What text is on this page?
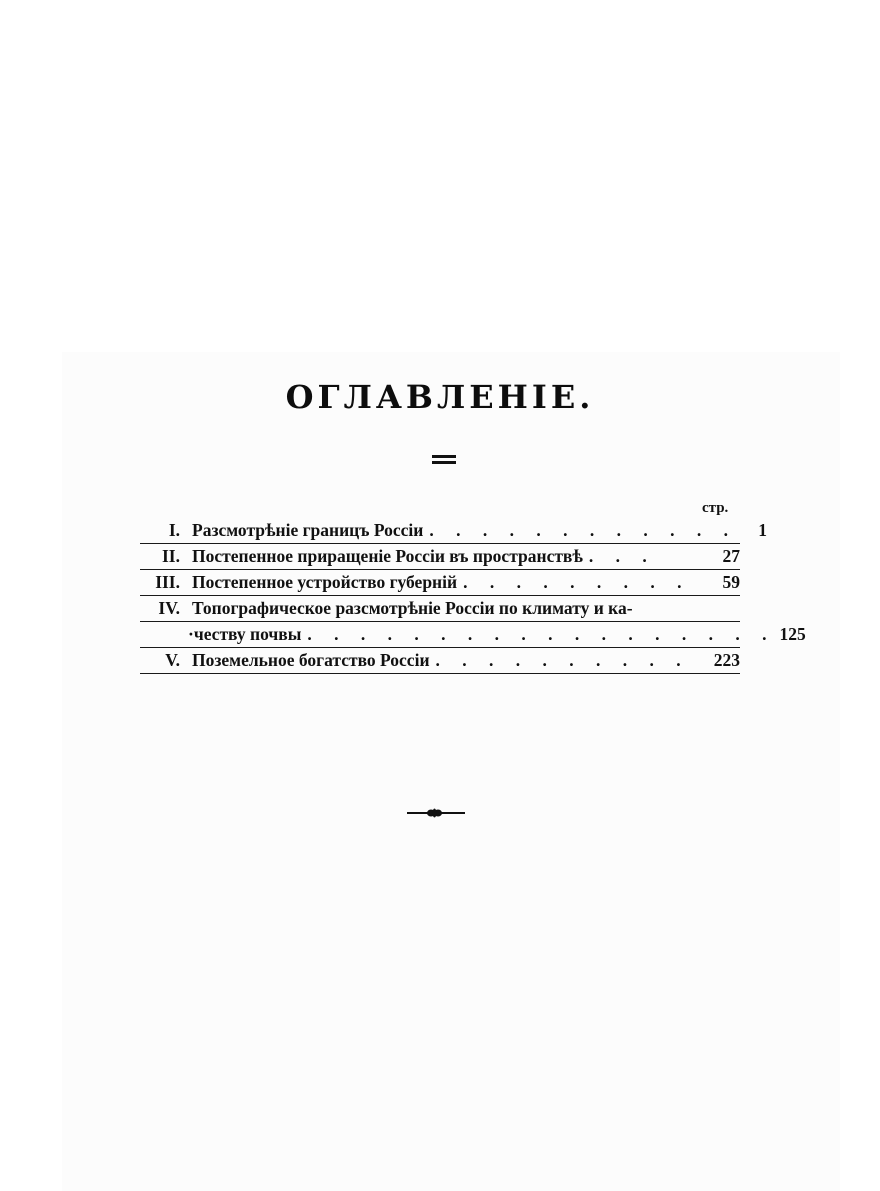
ОГЛАВЛЕНIЕ.
стр.
I. Разсмотрѣнiе границъ Россiи . . . . . . . . . . . .	1
II. Постепенное приращенiе Россiи въ пространствѣ . . .	27
III. Постепенное устройство губернiй . . . . . . . . .	59
IV. Топографическое разсмотрѣнiе Россiи по климату и ка-
·честву почвы . . . . . . . . . . . . . . . . . . 125
V. Поземельное богатство Россiи . . . . . . . . . .	223
